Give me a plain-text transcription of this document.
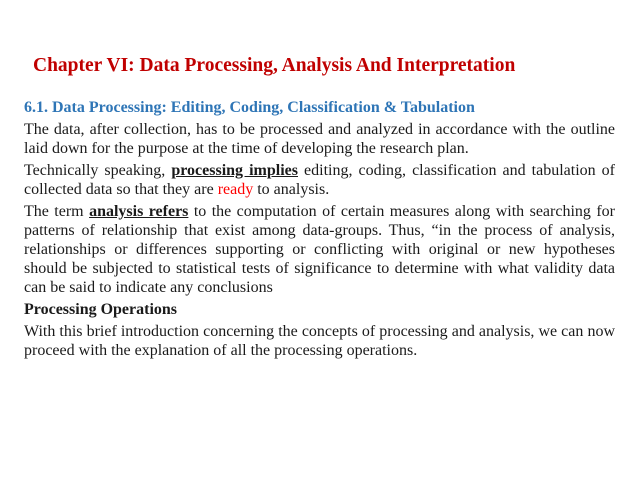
Chapter VI: Data Processing, Analysis And Interpretation
6.1. Data Processing: Editing, Coding, Classification & Tabulation
The data, after collection, has to be processed and analyzed in accordance with the outline laid down for the purpose at the time of developing the research plan.
Technically speaking, processing implies editing, coding, classification and tabulation of collected data so that they are ready to analysis.
The term analysis refers to the computation of certain measures along with searching for patterns of relationship that exist among data-groups. Thus, “in the process of analysis, relationships or differences supporting or conflicting with original or new hypotheses should be subjected to statistical tests of significance to determine with what validity data can be said to indicate any conclusions
Processing Operations
With this brief introduction concerning the concepts of processing and analysis, we can now proceed with the explanation of all the processing operations.
